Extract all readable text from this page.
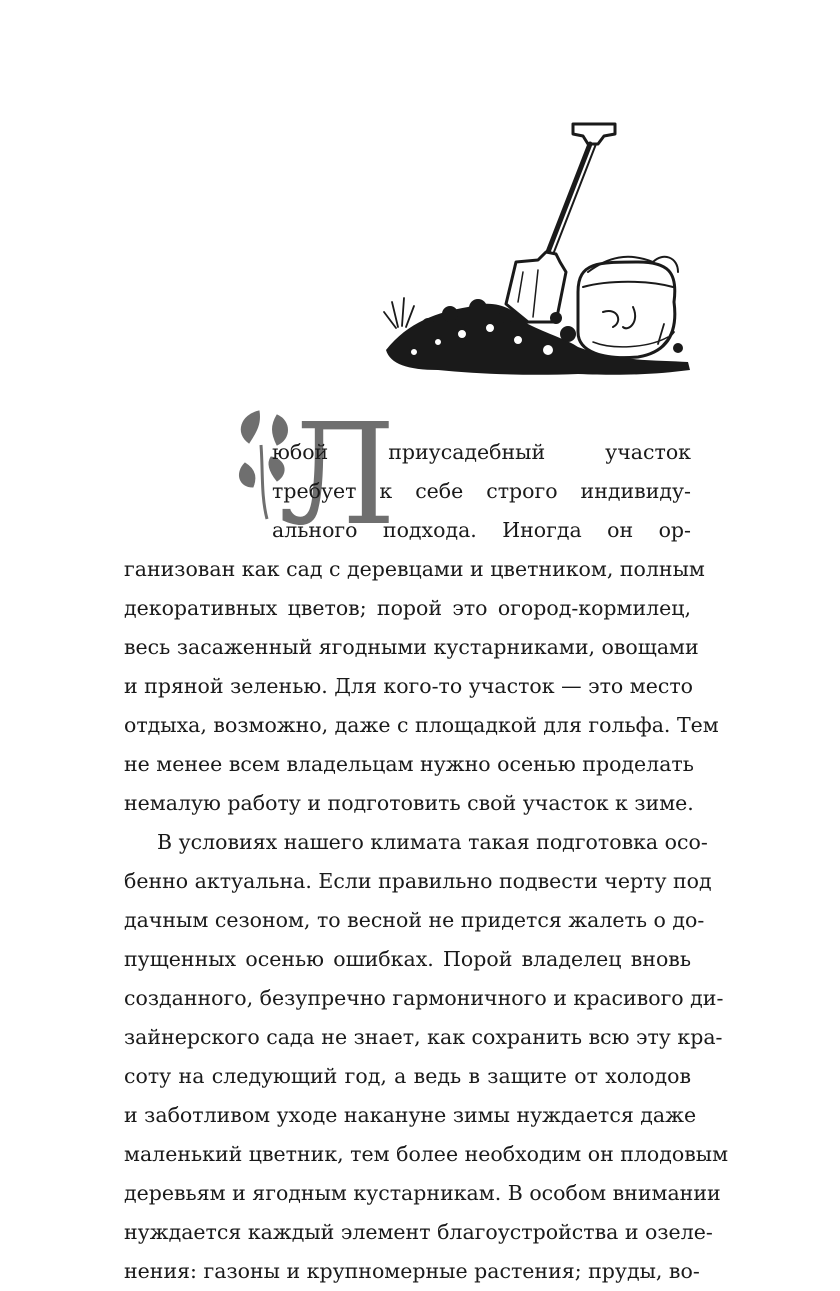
Л
юбой приусадебный участок
требует к себе строго индивиду-
ального подхода. Иногда он ор-
ганизован как сад с деревцами и цветником, полным
декоративных цветов; порой это огород-кормилец,
весь засаженный ягодными кустарниками, овощами
и пряной зеленью. Для кого-то участок — это место
отдыха, возможно, даже с площадкой для гольфа. Тем
не менее всем владельцам нужно осенью проделать
немалую работу и подготовить свой участок к зиме.
В условиях нашего климата такая подготовка осо-
бенно актуальна. Если правильно подвести черту под
дачным сезоном, то весной не придется жалеть о до-
пущенных осенью ошибках. Порой владелец вновь
созданного, безупречно гармоничного и красивого ди-
зайнерского сада не знает, как сохранить всю эту кра-
соту на следующий год, а ведь в защите от холодов
и заботливом уходе накануне зимы нуждается даже
маленький цветник, тем более необходим он плодовым
деревьям и ягодным кустарникам. В особом внимании
нуждается каждый элемент благоустройства и озеле-
нения: газоны и крупномерные растения; пруды, во-
